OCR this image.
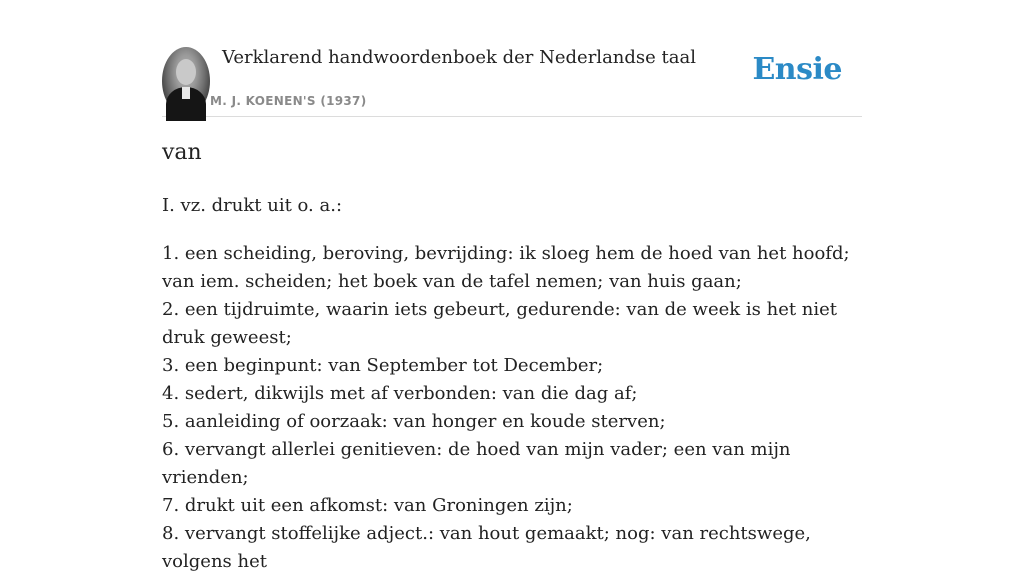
Verklarend handwoordenboek der Nederlandse taal
M. J. KOENEN'S (1937)
Ensie
van
I. vz. drukt uit o. a.:
1. een scheiding, beroving, bevrijding: ik sloeg hem de hoed van het hoofd; van iem. scheiden; het boek van de tafel nemen; van huis gaan;
2. een tijdruimte, waarin iets gebeurt, gedurende: van de week is het niet druk geweest;
3. een beginpunt: van September tot December;
4. sedert, dikwijls met af verbonden: van die dag af;
5. aanleiding of oorzaak: van honger en koude sterven;
6. vervangt allerlei genitieven: de hoed van mijn vader; een van mijn vrienden;
7. drukt uit een afkomst: van Groningen zijn;
8. vervangt stoffelijke adject.: van hout gemaakt; nog: van rechtswege, volgens het
